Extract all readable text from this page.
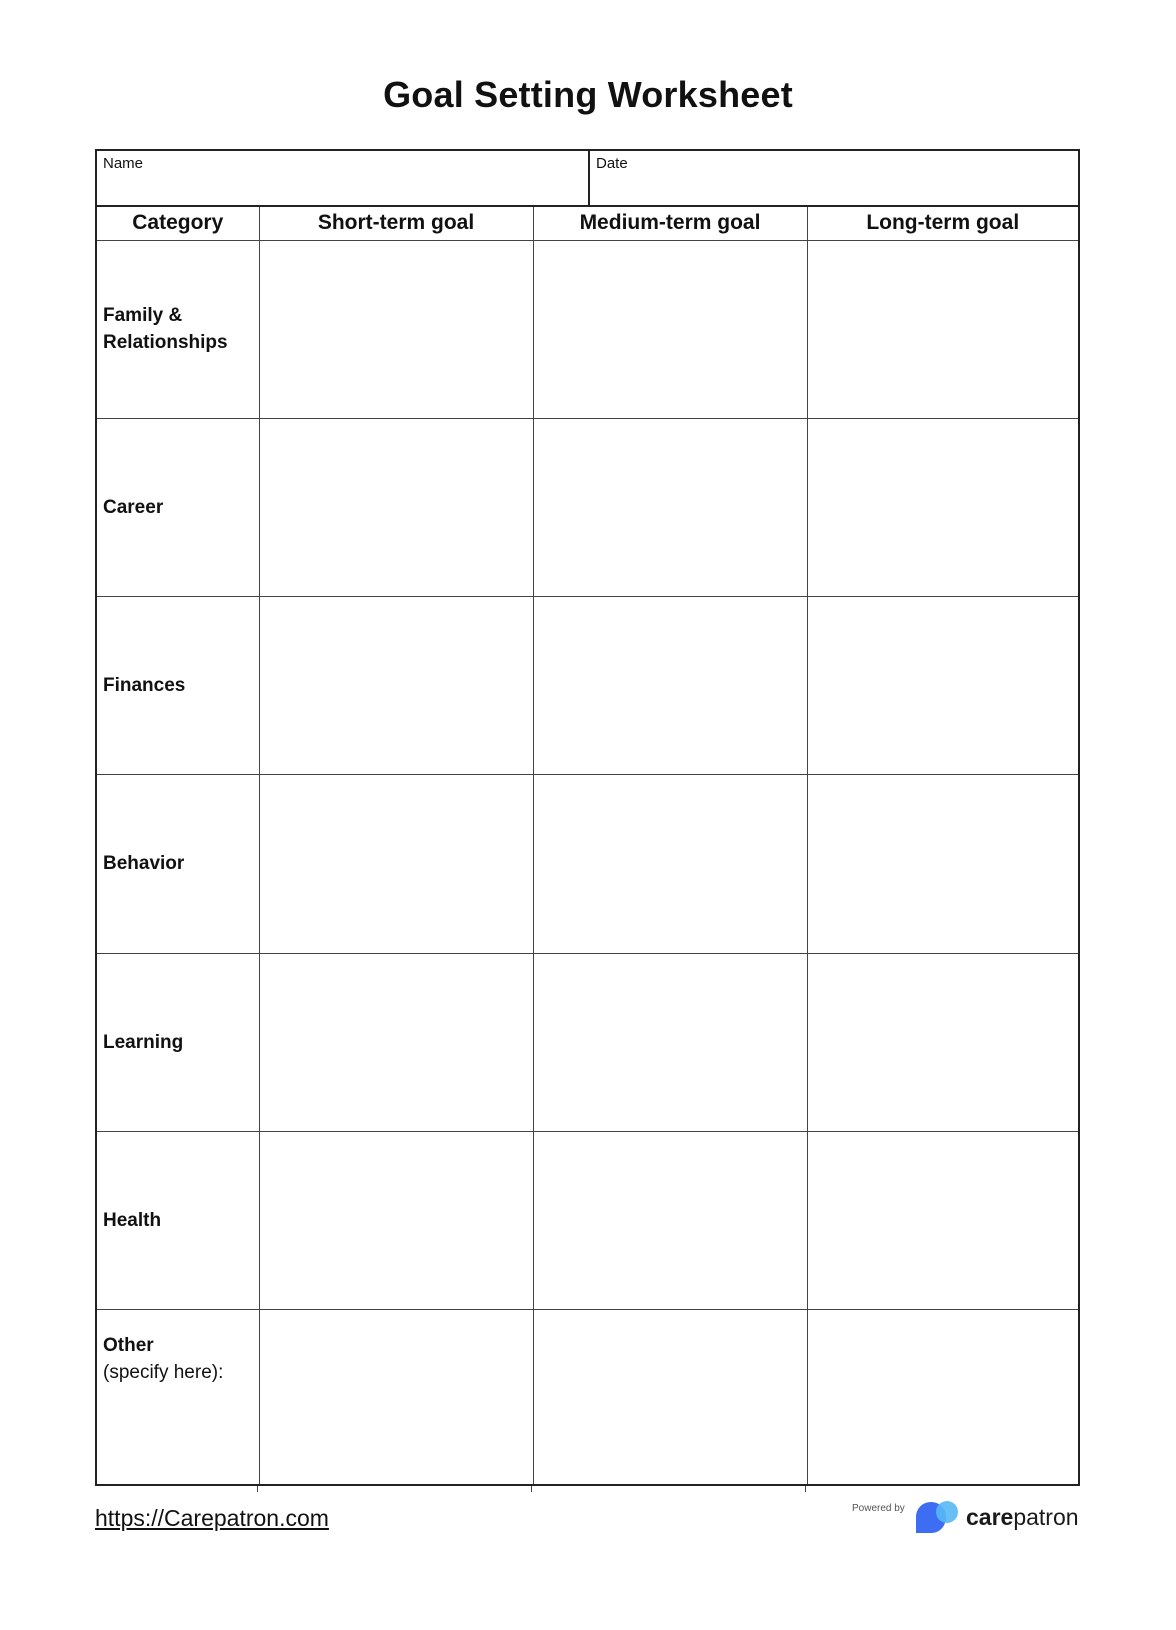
Goal Setting Worksheet
Name	Date
Category	Short-term goal	Medium-term goal	Long-term goal
Family &
Relationships			
Career			
Finances			
Behavior			
Learning			
Health			
Other
(specify here):			

https://Carepatron.com	Powered by	carepatron
